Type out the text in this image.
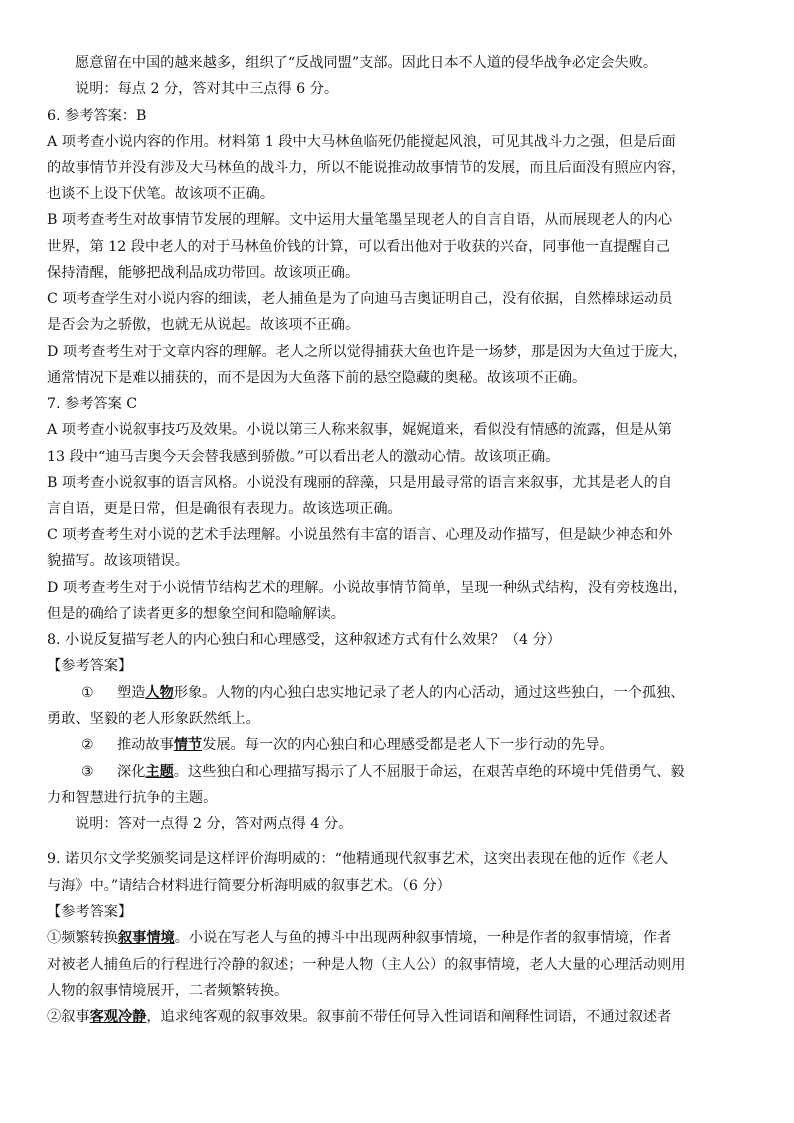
愿意留在中国的越来越多，组织了“反战同盟”支部。因此日本不人道的侵华战争必定会失败。
说明：每点 2 分，答对其中三点得 6 分。
6. 参考答案：B
A 项考查小说内容的作用。材料第 1 段中大马林鱼临死仍能搅起风浪，可见其战斗力之强，但是后面
的故事情节并没有涉及大马林鱼的战斗力，所以不能说推动故事情节的发展，而且后面没有照应内容，
也谈不上设下伏笔。故该项不正确。
B 项考查考生对故事情节发展的理解。文中运用大量笔墨呈现老人的自言自语，从而展现老人的内心
世界，第 12 段中老人的对于马林鱼价钱的计算，可以看出他对于收获的兴奋，同事他一直提醒自己
保持清醒，能够把战利品成功带回。故该项正确。
C 项考查学生对小说内容的细读，老人捕鱼是为了向迪马吉奥证明自己，没有依据，自然棒球运动员
是否会为之骄傲，也就无从说起。故该项不正确。
D 项考查考生对于文章内容的理解。老人之所以觉得捕获大鱼也许是一场梦，那是因为大鱼过于庞大，
通常情况下是难以捕获的，而不是因为大鱼落下前的悬空隐藏的奥秘。故该项不正确。
7. 参考答案 C
A 项考查小说叙事技巧及效果。小说以第三人称来叙事，娓娓道来，看似没有情感的流露，但是从第
13 段中“迪马吉奥今天会替我感到骄傲。”可以看出老人的激动心情。故该项正确。
B 项考查小说叙事的语言风格。小说没有瑰丽的辞藻，只是用最寻常的语言来叙事，尤其是老人的自
言自语，更是日常，但是确很有表现力。故该选项正确。
C 项考查考生对小说的艺术手法理解。小说虽然有丰富的语言、心理及动作描写，但是缺少神态和外
貌描写。故该项错误。
D 项考查考生对于小说情节结构艺术的理解。小说故事情节简单，呈现一种纵式结构，没有旁枝逸出，
但是的确给了读者更多的想象空间和隐喻解读。
8. 小说反复描写老人的内心独白和心理感受，这种叙述方式有什么效果？（4 分）
【参考答案】
① 塑造人物形象。人物的内心独白忠实地记录了老人的内心活动，通过这些独白，一个孤独、
勇敢、坚毅的老人形象跃然纸上。
② 推动故事情节发展。每一次的内心独白和心理感受都是老人下一步行动的先导。
③ 深化主题。这些独白和心理描写揭示了人不屈服于命运，在艰苦卓绝的环境中凭借勇气、毅
力和智慧进行抗争的主题。
说明：答对一点得 2 分，答对两点得 4 分。
9. 诺贝尔文学奖颁奖词是这样评价海明威的：“他精通现代叙事艺术，这突出表现在他的近作《老人
与海》中。”请结合材料进行简要分析海明威的叙事艺术。（6 分）
【参考答案】
①频繁转换叙事情境。小说在写老人与鱼的搏斗中出现两种叙事情境，一种是作者的叙事情境，作者
对被老人捕鱼后的行程进行冷静的叙述；一种是人物（主人公）的叙事情境，老人大量的心理活动则用
人物的叙事情境展开，二者频繁转换。
②叙事客观冷静，追求纯客观的叙事效果。叙事前不带任何导入性词语和阐释性词语，不通过叙述者
